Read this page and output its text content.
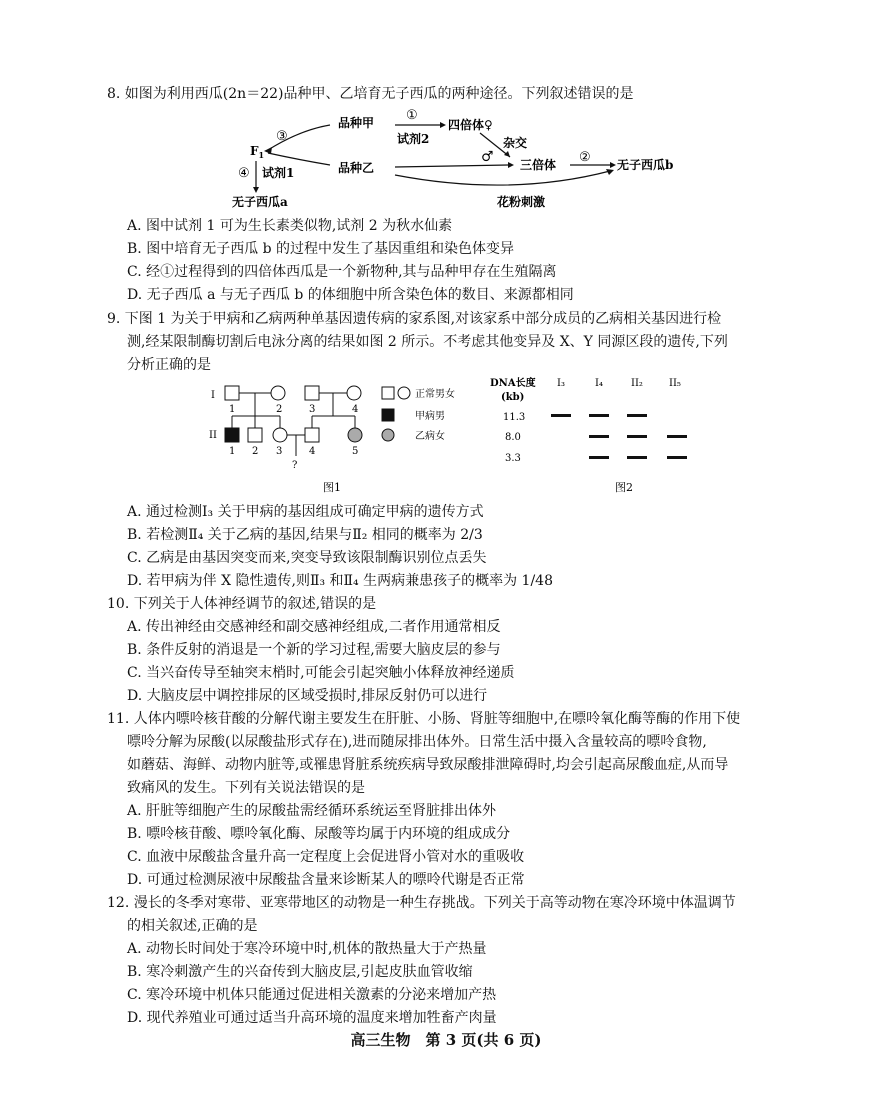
8. 如图为利用西瓜(2n＝22)品种甲、乙培育无子西瓜的两种途径。下列叙述错误的是
③
$F_1$
品种甲
品种乙
①
试剂2
四倍体♀
杂交
♂ 三倍体 ② 无子西瓜b
花粉刺激
④ 试剂1
无子西瓜a
A. 图中试剂 1 可为生长素类似物,试剂 2 为秋水仙素
B. 图中培育无子西瓜 b 的过程中发生了基因重组和染色体变异
C. 经①过程得到的四倍体西瓜是一个新物种,其与品种甲存在生殖隔离
D. 无子西瓜 a 与无子西瓜 b 的体细胞中所含染色体的数目、来源都相同
9. 下图 1 为关于甲病和乙病两种单基因遗传病的家系图,对该家系中部分成员的乙病相关基因进行检
测,经某限制酶切割后电泳分离的结果如图 2 所示。不考虑其他变异及 X、Y 同源区段的遗传,下列
分析正确的是
I
II
1	2	3	4
?
1 2 3	4	5
正常男女
甲病男
乙病女
图1
DNA长度
(kb)
I₃	I₄	II₂	II₅
11.3
8.0
3.3
图2
A. 通过检测Ⅰ₃ 关于甲病的基因组成可确定甲病的遗传方式
B. 若检测Ⅱ₄ 关于乙病的基因,结果与Ⅱ₂ 相同的概率为 2/3
C. 乙病是由基因突变而来,突变导致该限制酶识别位点丢失
D. 若甲病为伴 X 隐性遗传,则Ⅱ₃ 和Ⅱ₄ 生两病兼患孩子的概率为 1/48
10. 下列关于人体神经调节的叙述,错误的是
A. 传出神经由交感神经和副交感神经组成,二者作用通常相反
B. 条件反射的消退是一个新的学习过程,需要大脑皮层的参与
C. 当兴奋传导至轴突末梢时,可能会引起突触小体释放神经递质
D. 大脑皮层中调控排尿的区域受损时,排尿反射仍可以进行
11. 人体内嘌呤核苷酸的分解代谢主要发生在肝脏、小肠、肾脏等细胞中,在嘌呤氧化酶等酶的作用下使
嘌呤分解为尿酸(以尿酸盐形式存在),进而随尿排出体外。日常生活中摄入含量较高的嘌呤食物,
如蘑菇、海鲜、动物内脏等,或罹患肾脏系统疾病导致尿酸排泄障碍时,均会引起高尿酸血症,从而导
致痛风的发生。下列有关说法错误的是
A. 肝脏等细胞产生的尿酸盐需经循环系统运至肾脏排出体外
B. 嘌呤核苷酸、嘌呤氧化酶、尿酸等均属于内环境的组成成分
C. 血液中尿酸盐含量升高一定程度上会促进肾小管对水的重吸收
D. 可通过检测尿液中尿酸盐含量来诊断某人的嘌呤代谢是否正常
12. 漫长的冬季对寒带、亚寒带地区的动物是一种生存挑战。下列关于高等动物在寒冷环境中体温调节
的相关叙述,正确的是
A. 动物长时间处于寒冷环境中时,机体的散热量大于产热量
B. 寒冷刺激产生的兴奋传到大脑皮层,引起皮肤血管收缩
C. 寒冷环境中机体只能通过促进相关激素的分泌来增加产热
D. 现代养殖业可通过适当升高环境的温度来增加牲畜产肉量
高三生物　第 3 页(共 6 页)
